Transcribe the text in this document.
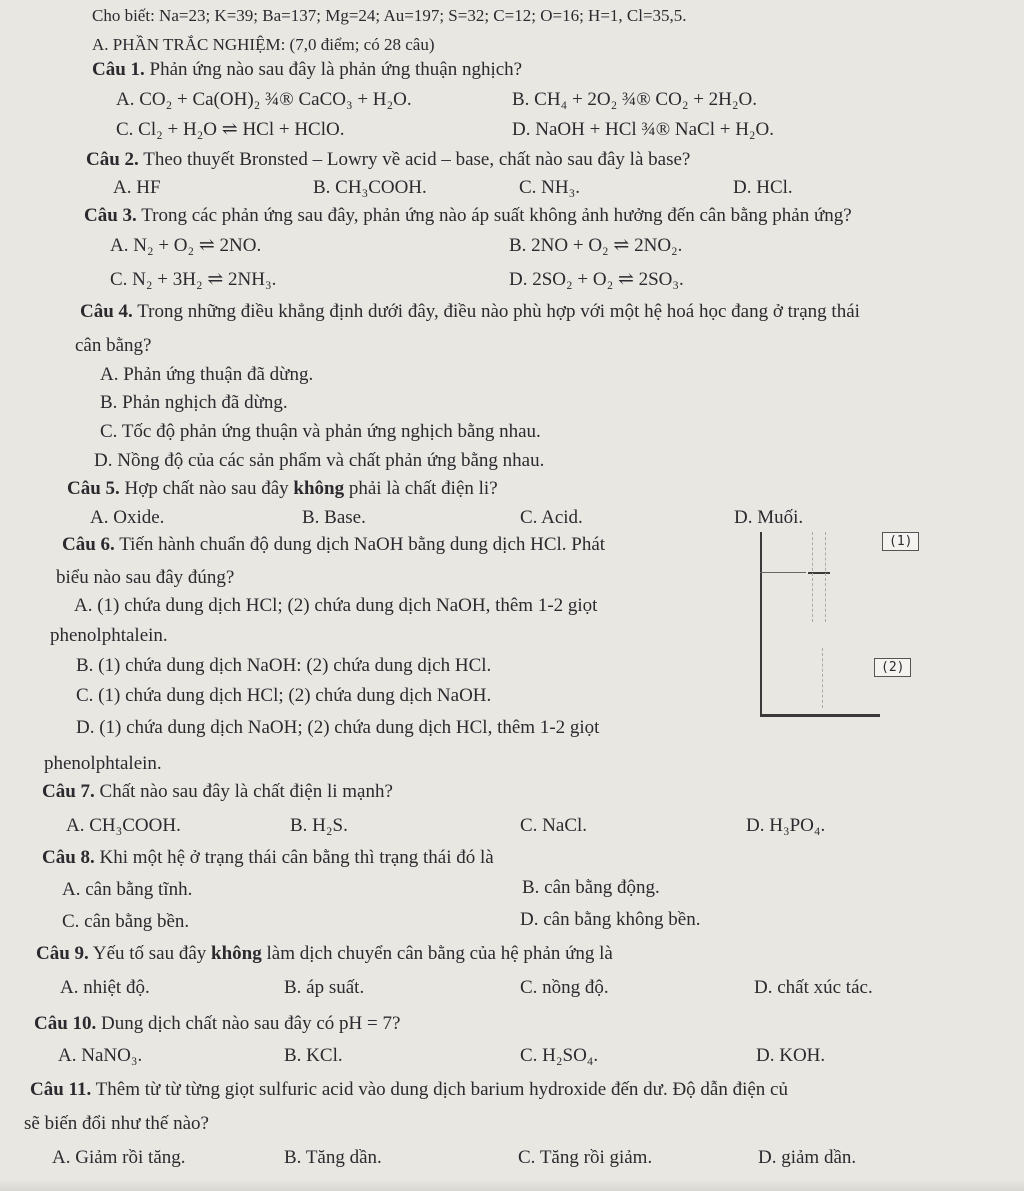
Cho biết: Na=23; K=39; Ba=137; Mg=24; Au=197; S=32; C=12; O=16; H=1, Cl=35,5.
A. PHẦN TRẮC NGHIỆM: (7,0 điểm; có 28 câu)
Câu 1. Phản ứng nào sau đây là phản ứng thuận nghịch?
A. CO₂ + Ca(OH)₂ ¾® CaCO₃ + H₂O.	B. CH₄ + 2O₂ ¾® CO₂ + 2H₂O.
C. Cl₂ + H₂O ⇌ HCl + HClO.	D. NaOH + HCl ¾® NaCl + H₂O.
Câu 2. Theo thuyết Bronsted – Lowry về acid – base, chất nào sau đây là base?
A. HF	B. CH₃COOH.	C. NH₃.	D. HCl.
Câu 3. Trong các phản ứng sau đây, phản ứng nào áp suất không ảnh hưởng đến cân bằng phản ứng?
A. N₂ + O₂ ⇌ 2NO.	B. 2NO + O₂ ⇌ 2NO₂.
C. N₂ + 3H₂ ⇌ 2NH₃.	D. 2SO₂ + O₂ ⇌ 2SO₃.
Câu 4. Trong những điều khẳng định dưới đây, điều nào phù hợp với một hệ hoá học đang ở trạng thái
cân bằng?
A. Phản ứng thuận đã dừng.
B. Phản nghịch đã dừng.
C. Tốc độ phản ứng thuận và phản ứng nghịch bằng nhau.
D. Nồng độ của các sản phẩm và chất phản ứng bằng nhau.
Câu 5. Hợp chất nào sau đây không phải là chất điện li?
A. Oxide.	B. Base.	C. Acid.	D. Muối.
Câu 6. Tiến hành chuẩn độ dung dịch NaOH bằng dung dịch HCl. Phát
biểu nào sau đây đúng?
A. (1) chứa dung dịch HCl; (2) chứa dung dịch NaOH, thêm 1-2 giọt
phenolphtalein.
B. (1) chứa dung dịch NaOH: (2) chứa dung dịch HCl.
C. (1) chứa dung dịch HCl; (2) chứa dung dịch NaOH.
D. (1) chứa dung dịch NaOH; (2) chứa dung dịch HCl, thêm 1-2 giọt
phenolphtalein.
(1)
(2)
Câu 7. Chất nào sau đây là chất điện li mạnh?
A. CH₃COOH.	B. H₂S.	C. NaCl.	D. H₃PO₄.
Câu 8. Khi một hệ ở trạng thái cân bằng thì trạng thái đó là
A. cân bằng tĩnh.	B. cân bằng động.
C. cân bằng bền.	D. cân bằng không bền.
Câu 9. Yếu tố sau đây không làm dịch chuyển cân bằng của hệ phản ứng là
A. nhiệt độ.	B. áp suất.	C. nồng độ.	D. chất xúc tác.
Câu 10. Dung dịch chất nào sau đây có pH = 7?
A. NaNO₃.	B. KCl.	C. H₂SO₄.	D. KOH.
Câu 11. Thêm từ từ từng giọt sulfuric acid vào dung dịch barium hydroxide đến dư. Độ dẫn điện củ
sẽ biến đổi như thế nào?
A. Giảm rồi tăng.	B. Tăng dần.	C. Tăng rồi giảm.	D. giảm dần.
